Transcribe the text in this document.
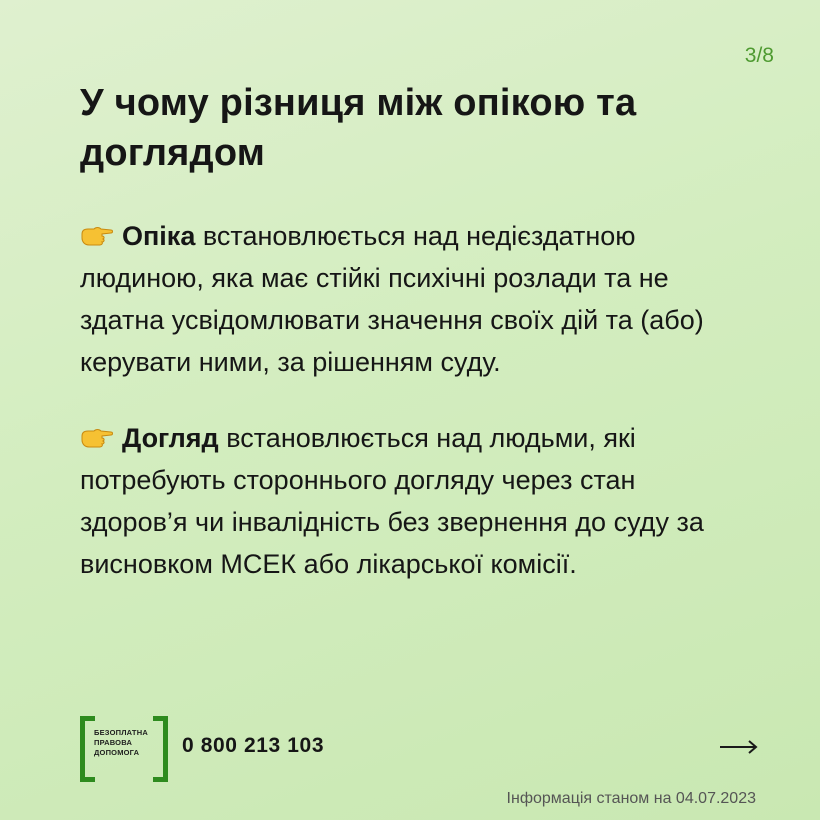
3/8
У чому різниця між опікою та доглядом

Опіка встановлюється над недієздатною людиною, яка має стійкі психічні розлади та не здатна усвідомлювати значення своїх дій та (або) керувати ними, за рішенням суду.

Догляд встановлюється над людьми, які потребують стороннього догляду через стан здоров’я чи інвалідність без звернення до суду за висновком МСЕК або лікарської комісії.

БЕЗОПЛАТНА
ПРАВОВА
ДОПОМОГА	0 800 213 103
Інформація станом на 04.07.2023
